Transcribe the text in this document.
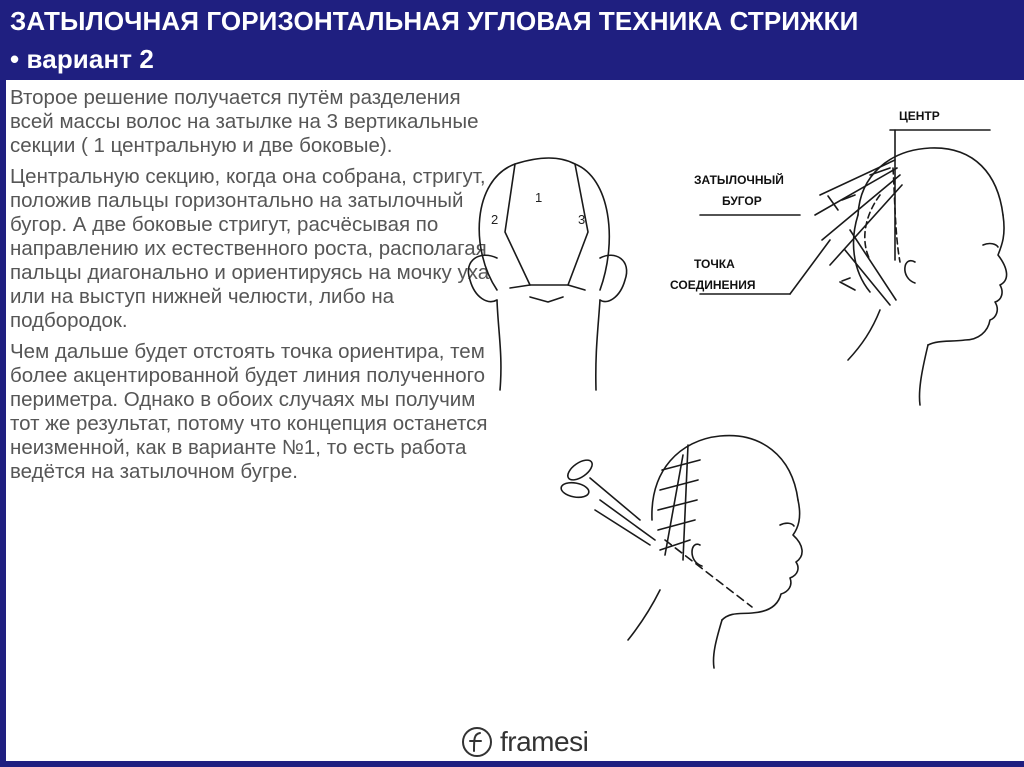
ЗАТЫЛОЧНАЯ ГОРИЗОНТАЛЬНАЯ УГЛОВАЯ ТЕХНИКА СТРИЖКИ
• вариант 2

Второе решение получается путём разделения всей массы волос на затылке на 3 вертикальные секции ( 1 центральную и две боковые).

Центральную секцию, когда она собрана, стригут, положив пальцы горизонтально на затылочный бугор. А две боковые стригут, расчёсывая по направлению их естественного роста, располагая пальцы диагонально и ориентируясь на мочку уха или на выступ нижней челюсти, либо на подбородок.

Чем дальше будет отстоять точка ориентира, тем более акцентированной будет линия полученного периметра. Однако в обоих случаях мы получим тот же результат, потому что концепция останется неизменной, как в варианте №1, то есть работа ведётся на затылочном бугре.

1
2	3
ЦЕНТР
ЗАТЫЛОЧНЫЙ
БУГОР
ТОЧКА
СОЕДИНЕНИЯ
framesi
